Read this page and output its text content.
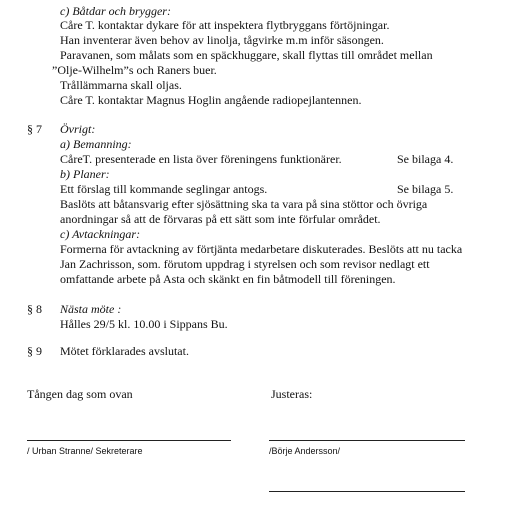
c) Båtdar och brygger:
Cåre T. kontaktar dykare för att inspektera flytbryggans förtöjningar.
Han inventerar även behov av linolja, tågvirke m.m inför säsongen.
Paravanen, som målats som en späckhuggare, skall flyttas till området mellan
”Olje-Wilhelm”s och Raners buer.
Trållämmarna skall oljas.
Cåre T. kontaktar Magnus Hoglin angående radiopejlantennen.
§ 7 Övrigt:
a) Bemanning:
CåreT. presenterade en lista över föreningens funktionärer.	Se bilaga 4.
b) Planer:
Ett förslag till kommande seglingar antogs.	Se bilaga 5.
Baslöts att båtansvarig efter sjösättning ska ta vara på sina stöttor och övriga
anordningar så att de förvaras på ett sätt som inte förfular området.
c) Avtackningar:
Formerna för avtackning av förtjänta medarbetare diskuterades. Beslöts att nu tacka
Jan Zachrisson, som. förutom uppdrag i styrelsen och som revisor nedlagt ett
omfattande arbete på Asta och skänkt en fin båtmodell till föreningen.
§ 8 Nästa möte :
Hålles 29/5 kl. 10.00 i Sippans Bu.
§ 9 Mötet förklarades avslutat.
Tången dag som ovan	Justeras:
/ Urban Stranne/ Sekreterare	/Börje Andersson/
